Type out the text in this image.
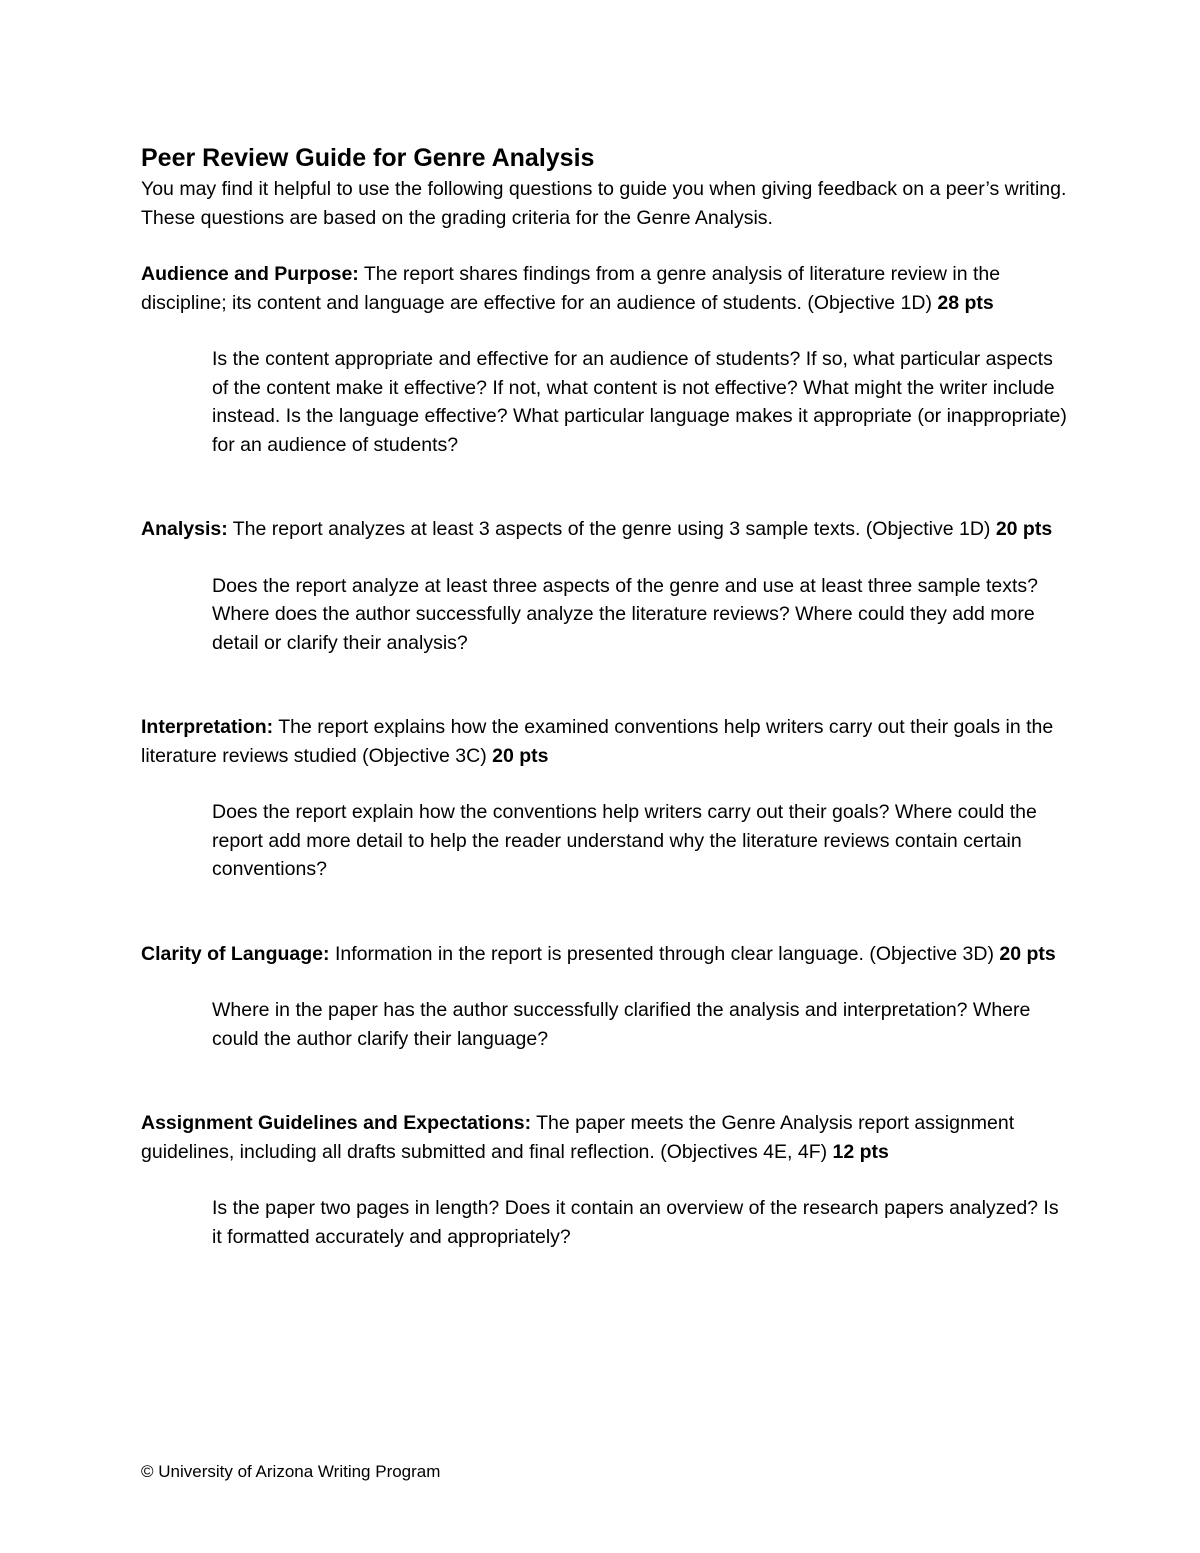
Peer Review Guide for Genre Analysis

You may find it helpful to use the following questions to guide you when giving feedback on a peer’s writing. These questions are based on the grading criteria for the Genre Analysis.

Audience and Purpose: The report shares findings from a genre analysis of literature review in the discipline; its content and language are effective for an audience of students. (Objective 1D) 28 pts

Is the content appropriate and effective for an audience of students? If so, what particular aspects of the content make it effective? If not, what content is not effective? What might the writer include instead. Is the language effective? What particular language makes it appropriate (or inappropriate) for an audience of students?

Analysis: The report analyzes at least 3 aspects of the genre using 3 sample texts. (Objective 1D) 20 pts

Does the report analyze at least three aspects of the genre and use at least three sample texts? Where does the author successfully analyze the literature reviews? Where could they add more detail or clarify their analysis?

Interpretation: The report explains how the examined conventions help writers carry out their goals in the literature reviews studied (Objective 3C) 20 pts

Does the report explain how the conventions help writers carry out their goals? Where could the report add more detail to help the reader understand why the literature reviews contain certain conventions?

Clarity of Language: Information in the report is presented through clear language. (Objective 3D) 20 pts

Where in the paper has the author successfully clarified the analysis and interpretation? Where could the author clarify their language?

Assignment Guidelines and Expectations: The paper meets the Genre Analysis report assignment guidelines, including all drafts submitted and final reflection. (Objectives 4E, 4F) 12 pts

Is the paper two pages in length? Does it contain an overview of the research papers analyzed? Is it formatted accurately and appropriately?

© University of Arizona Writing Program
